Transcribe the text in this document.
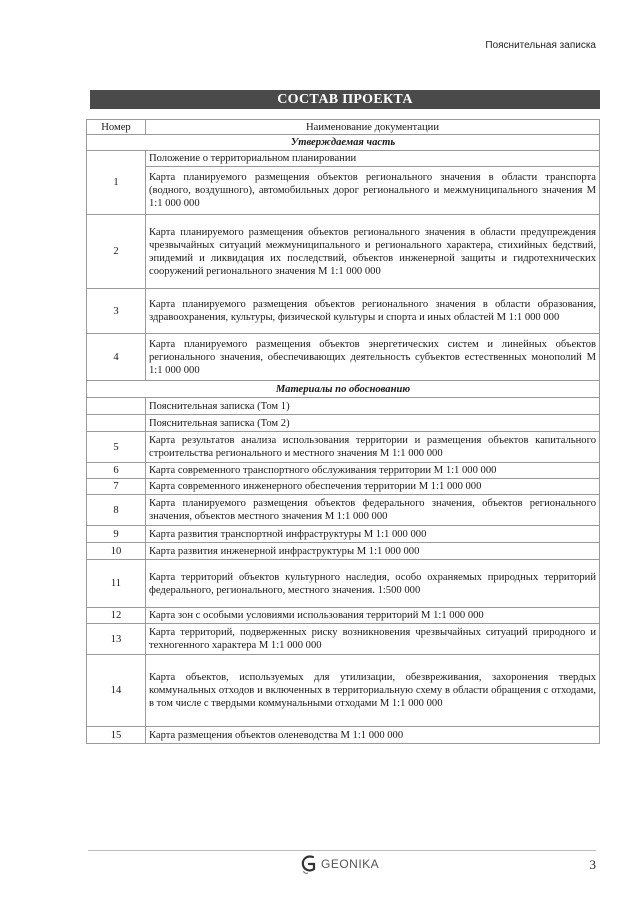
Пояснительная записка
СОСТАВ ПРОЕКТА
Номер	Наименование документации
Утверждаемая часть	
1	Положение о территориальном планировании
	Карта планируемого размещения объектов регионального значения в области транспорта (водного, воздушного), автомобильных дорог регионального и межмуниципального значения М 1:1 000 000
2	Карта планируемого размещения объектов регионального значения в области предупреждения чрезвычайных ситуаций межмуниципального и регионального характера, стихийных бедствий, эпидемий и ликвидация их последствий, объектов инженерной защиты и гидротехнических сооружений регионального значения М 1:1 000 000
3	Карта планируемого размещения объектов регионального значения в области образования, здравоохранения, культуры, физической культуры и спорта и иных областей М 1:1 000 000
4	Карта планируемого размещения объектов энергетических систем и линейных объектов регионального значения, обеспечивающих деятельность субъектов естественных монополий М 1:1 000 000
Материалы по обоснованию	
	Пояснительная записка (Том 1)
	Пояснительная записка (Том 2)
5	Карта результатов анализа использования территории и размещения объектов капитального строительства регионального и местного значения М 1:1 000 000
6	Карта современного транспортного обслуживания территории М 1:1 000 000
7	Карта современного инженерного обеспечения территории М 1:1 000 000
8	Карта планируемого размещения объектов федерального значения, объектов регионального значения, объектов местного значения М 1:1 000 000
9	Карта развития транспортной инфраструктуры М 1:1 000 000
10	Карта развития инженерной инфраструктуры М 1:1 000 000
11	Карта территорий объектов культурного наследия, особо охраняемых природных территорий федерального, регионального, местного значения. 1:500 000
12	Карта зон с особыми условиями использования территорий М 1:1 000 000
13	Карта территорий, подверженных риску возникновения чрезвычайных ситуаций природного и техногенного характера М 1:1 000 000
14	Карта объектов, используемых для утилизации, обезвреживания, захоронения твердых коммунальных отходов и включенных в территориальную схему в области обращения с отходами, в том числе с твердыми коммунальными отходами М 1:1 000 000
15	Карта размещения объектов оленеводства М 1:1 000 000
GEONIKA	3
